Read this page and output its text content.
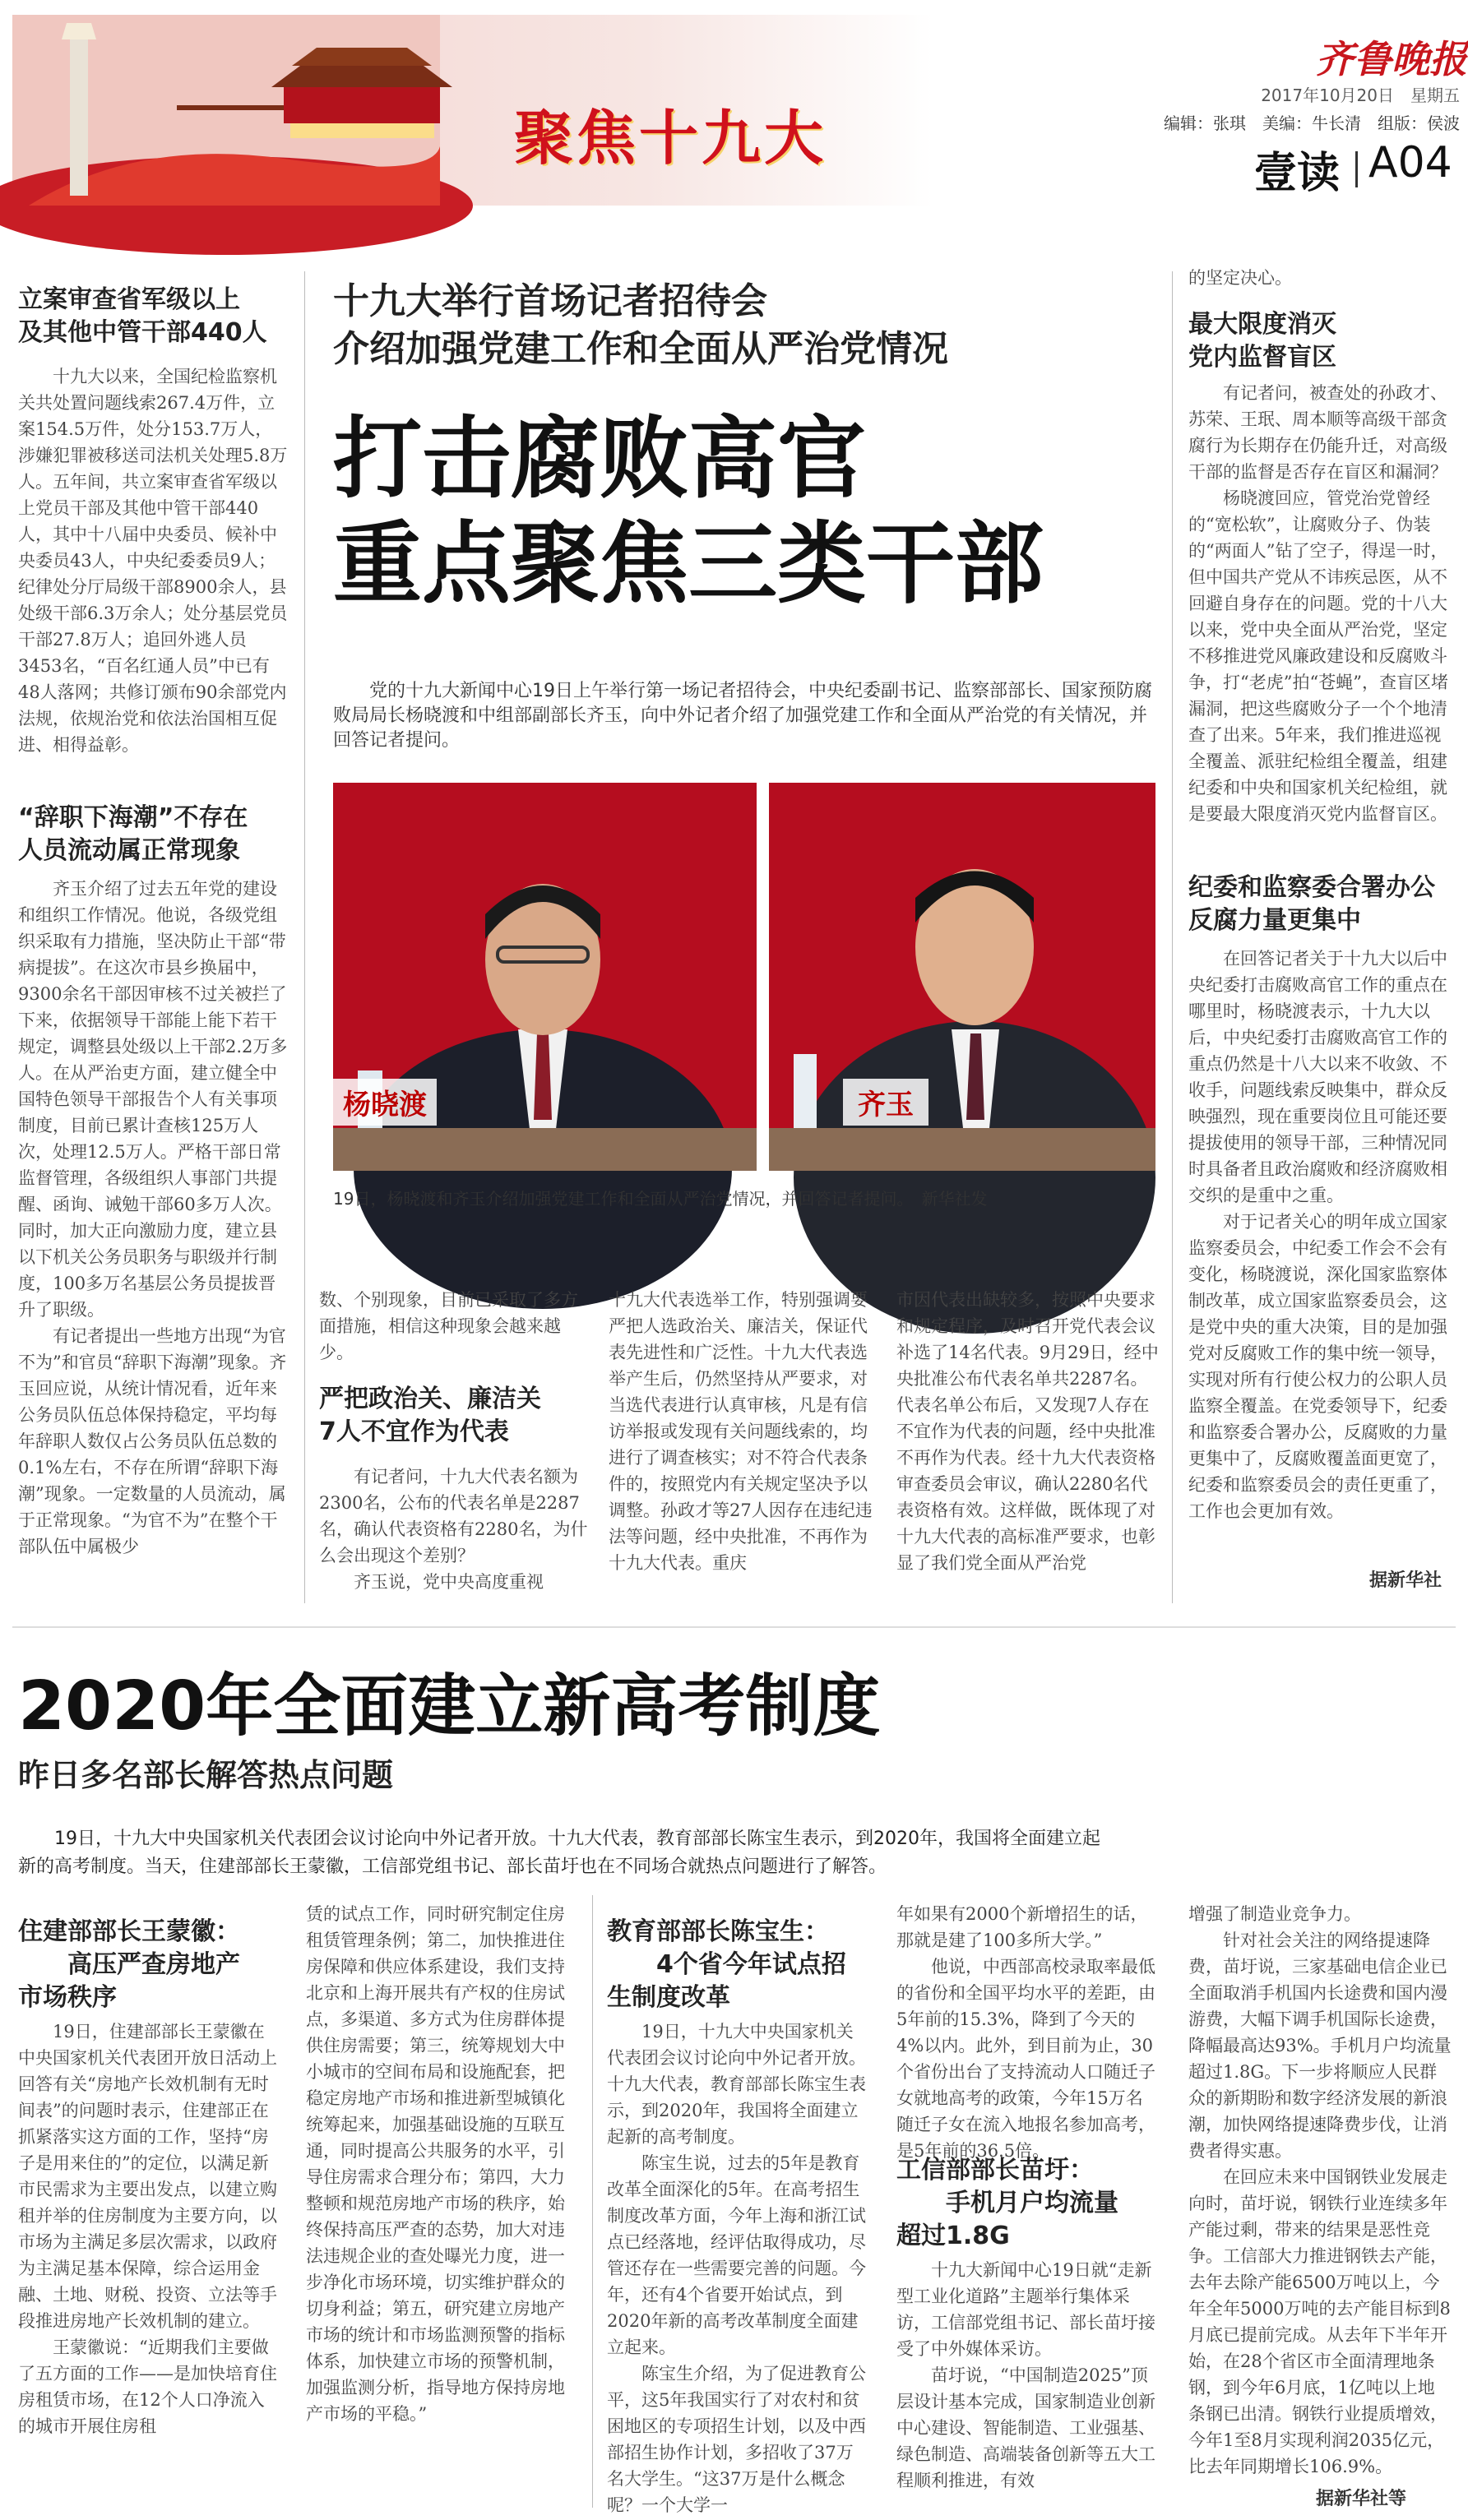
聚焦十九大
齐鲁晚报
2017年10月20日　星期五
编辑：张琪　美编：牛长清　组版：侯波
壹读 A04
立案审查省军级以上
及其他中管干部440人
　　十九大以来，全国纪检监察机关共处置问题线索267.4万件，立案154.5万件，处分153.7万人，涉嫌犯罪被移送司法机关处理5.8万人。五年间，共立案审查省军级以上党员干部及其他中管干部440人，其中十八届中央委员、候补中央委员43人，中央纪委委员9人；纪律处分厅局级干部8900余人，县处级干部6.3万余人；处分基层党员干部27.8万人；追回外逃人员3453名，“百名红通人员”中已有48人落网；共修订颁布90余部党内法规，依规治党和依法治国相互促进、相得益彰。
“辞职下海潮”不存在
人员流动属正常现象
　　齐玉介绍了过去五年党的建设和组织工作情况。他说，各级党组织采取有力措施，坚决防止干部“带病提拔”。在这次市县乡换届中，9300余名干部因审核不过关被拦了下来，依据领导干部能上能下若干规定，调整县处级以上干部2.2万多人。在从严治吏方面，建立健全中国特色领导干部报告个人有关事项制度，目前已累计查核125万人次，处理12.5万人。严格干部日常监督管理，各级组织人事部门共提醒、函询、诫勉干部60多万人次。同时，加大正向激励力度，建立县以下机关公务员职务与职级并行制度，100多万名基层公务员提拔晋升了职级。
　　有记者提出一些地方出现“为官不为”和官员“辞职下海潮”现象。齐玉回应说，从统计情况看，近年来公务员队伍总体保持稳定，平均每年辞职人数仅占公务员队伍总数的0.1%左右，不存在所谓“辞职下海潮”现象。一定数量的人员流动，属于正常现象。“为官不为”在整个干部队伍中属极少
十九大举行首场记者招待会
介绍加强党建工作和全面从严治党情况
打击腐败高官
重点聚焦三类干部
　　党的十九大新闻中心19日上午举行第一场记者招待会，中央纪委副书记、监察部部长、国家预防腐败局局长杨晓渡和中组部副部长齐玉，向中外记者介绍了加强党建工作和全面从严治党的有关情况，并回答记者提问。
杨晓渡	齐玉
19日，杨晓渡和齐玉介绍加强党建工作和全面从严治党情况，并回答记者提问。　新华社发
数、个别现象，目前已采取了多方面措施，相信这种现象会越来越少。
严把政治关、廉洁关
7人不宜作为代表
　　有记者问，十九大代表名额为2300名，公布的代表名单是2287名，确认代表资格有2280名，为什么会出现这个差别？
　　齐玉说，党中央高度重视
十九大代表选举工作，特别强调要严把人选政治关、廉洁关，保证代表先进性和广泛性。十九大代表选举产生后，仍然坚持从严要求，对当选代表进行认真审核，凡是有信访举报或发现有关问题线索的，均进行了调查核实；对不符合代表条件的，按照党内有关规定坚决予以调整。孙政才等27人因存在违纪违法等问题，经中央批准，不再作为十九大代表。重庆
市因代表出缺较多，按照中央要求和规定程序，及时召开党代表会议补选了14名代表。9月29日，经中央批准公布代表名单共2287名。代表名单公布后，又发现7人存在不宜作为代表的问题，经中央批准不再作为代表。经十九大代表资格审查委员会审议，确认2280名代表资格有效。这样做，既体现了对十九大代表的高标准严要求，也彰显了我们党全面从严治党
的坚定决心。
最大限度消灭
党内监督盲区
　　有记者问，被查处的孙政才、苏荣、王珉、周本顺等高级干部贪腐行为长期存在仍能升迁，对高级干部的监督是否存在盲区和漏洞？
　　杨晓渡回应，管党治党曾经的“宽松软”，让腐败分子、伪装的“两面人”钻了空子，得逞一时，但中国共产党从不讳疾忌医，从不回避自身存在的问题。党的十八大以来，党中央全面从严治党，坚定不移推进党风廉政建设和反腐败斗争，打“老虎”拍“苍蝇”，查盲区堵漏洞，把这些腐败分子一个个地清查了出来。5年来，我们推进巡视全覆盖、派驻纪检组全覆盖，组建纪委和中央和国家机关纪检组，就是要最大限度消灭党内监督盲区。
纪委和监察委合署办公
反腐力量更集中
　　在回答记者关于十九大以后中央纪委打击腐败高官工作的重点在哪里时，杨晓渡表示，十九大以后，中央纪委打击腐败高官工作的重点仍然是十八大以来不收敛、不收手，问题线索反映集中，群众反映强烈，现在重要岗位且可能还要提拔使用的领导干部，三种情况同时具备者且政治腐败和经济腐败相交织的是重中之重。
　　对于记者关心的明年成立国家监察委员会，中纪委工作会不会有变化，杨晓渡说，深化国家监察体制改革，成立国家监察委员会，这是党中央的重大决策，目的是加强党对反腐败工作的集中统一领导，实现对所有行使公权力的公职人员监察全覆盖。在党委领导下，纪委和监察委合署办公，反腐败的力量更集中了，反腐败覆盖面更宽了，纪委和监察委员会的责任更重了，工作也会更加有效。
据新华社
2020年全面建立新高考制度
昨日多名部长解答热点问题
　　19日，十九大中央国家机关代表团会议讨论向中外记者开放。十九大代表，教育部部长陈宝生表示，到2020年，我国将全面建立起新的高考制度。当天，住建部部长王蒙徽，工信部党组书记、部长苗圩也在不同场合就热点问题进行了解答。
住建部部长王蒙徽：
　　高压严查房地产
市场秩序
　　19日，住建部部长王蒙徽在中央国家机关代表团开放日活动上回答有关“房地产长效机制有无时间表”的问题时表示，住建部正在抓紧落实这方面的工作，坚持“房子是用来住的”的定位，以满足新市民需求为主要出发点，以建立购租并举的住房制度为主要方向，以市场为主满足多层次需求，以政府为主满足基本保障，综合运用金融、土地、财税、投资、立法等手段推进房地产长效机制的建立。
　　王蒙徽说：“近期我们主要做了五方面的工作——是加快培育住房租赁市场，在12个人口净流入的城市开展住房租
赁的试点工作，同时研究制定住房租赁管理条例；第二，加快推进住房保障和供应体系建设，我们支持北京和上海开展共有产权的住房试点，多渠道、多方式为住房群体提供住房需要；第三，统筹规划大中小城市的空间布局和设施配套，把稳定房地产市场和推进新型城镇化统筹起来，加强基础设施的互联互通，同时提高公共服务的水平，引导住房需求合理分布；第四，大力整顿和规范房地产市场的秩序，始终保持高压严查的态势，加大对违法违规企业的查处曝光力度，进一步净化市场环境，切实维护群众的切身利益；第五，研究建立房地产市场的统计和市场监测预警的指标体系，加快建立市场的预警机制，加强监测分析，指导地方保持房地产市场的平稳。”
教育部部长陈宝生：
　　4个省今年试点招
生制度改革
　　19日，十九大中央国家机关代表团会议讨论向中外记者开放。十九大代表，教育部部长陈宝生表示，到2020年，我国将全面建立起新的高考制度。
　　陈宝生说，过去的5年是教育改革全面深化的5年。在高考招生制度改革方面，今年上海和浙江试点已经落地，经评估取得成功，尽管还存在一些需要完善的问题。今年，还有4个省要开始试点，到2020年新的高考改革制度全面建立起来。
　　陈宝生介绍，为了促进教育公平，这5年我国实行了对农村和贫困地区的专项招生计划，以及中西部招生协作计划，多招收了37万名大学生。“这37万是什么概念呢？一个大学一
年如果有2000个新增招生的话，那就是建了100多所大学。”
　　他说，中西部高校录取率最低的省份和全国平均水平的差距，由5年前的15.3%，降到了今天的4%以内。此外，到目前为止，30个省份出台了支持流动人口随迁子女就地高考的政策，今年15万名随迁子女在流入地报名参加高考，是5年前的36.5倍。
工信部部长苗圩：
　　手机月户均流量
超过1.8G
　　十九大新闻中心19日就“走新型工业化道路”主题举行集体采访，工信部党组书记、部长苗圩接受了中外媒体采访。
　　苗圩说，“中国制造2025”顶层设计基本完成，国家制造业创新中心建设、智能制造、工业强基、绿色制造、高端装备创新等五大工程顺利推进，有效
增强了制造业竞争力。
　　针对社会关注的网络提速降费，苗圩说，三家基础电信企业已全面取消手机国内长途费和国内漫游费，大幅下调手机国际长途费，降幅最高达93%。手机月户均流量超过1.8G。下一步将顺应人民群众的新期盼和数字经济发展的新浪潮，加快网络提速降费步伐，让消费者得实惠。
　　在回应未来中国钢铁业发展走向时，苗圩说，钢铁行业连续多年产能过剩，带来的结果是恶性竞争。工信部大力推进钢铁去产能，去年去除产能6500万吨以上，今年全年5000万吨的去产能目标到8月底已提前完成。从去年下半年开始，在28个省区市全面清理地条钢，到今年6月底，1亿吨以上地条钢已出清。钢铁行业提质增效，今年1至8月实现利润2035亿元，比去年同期增长106.9%。
据新华社等
